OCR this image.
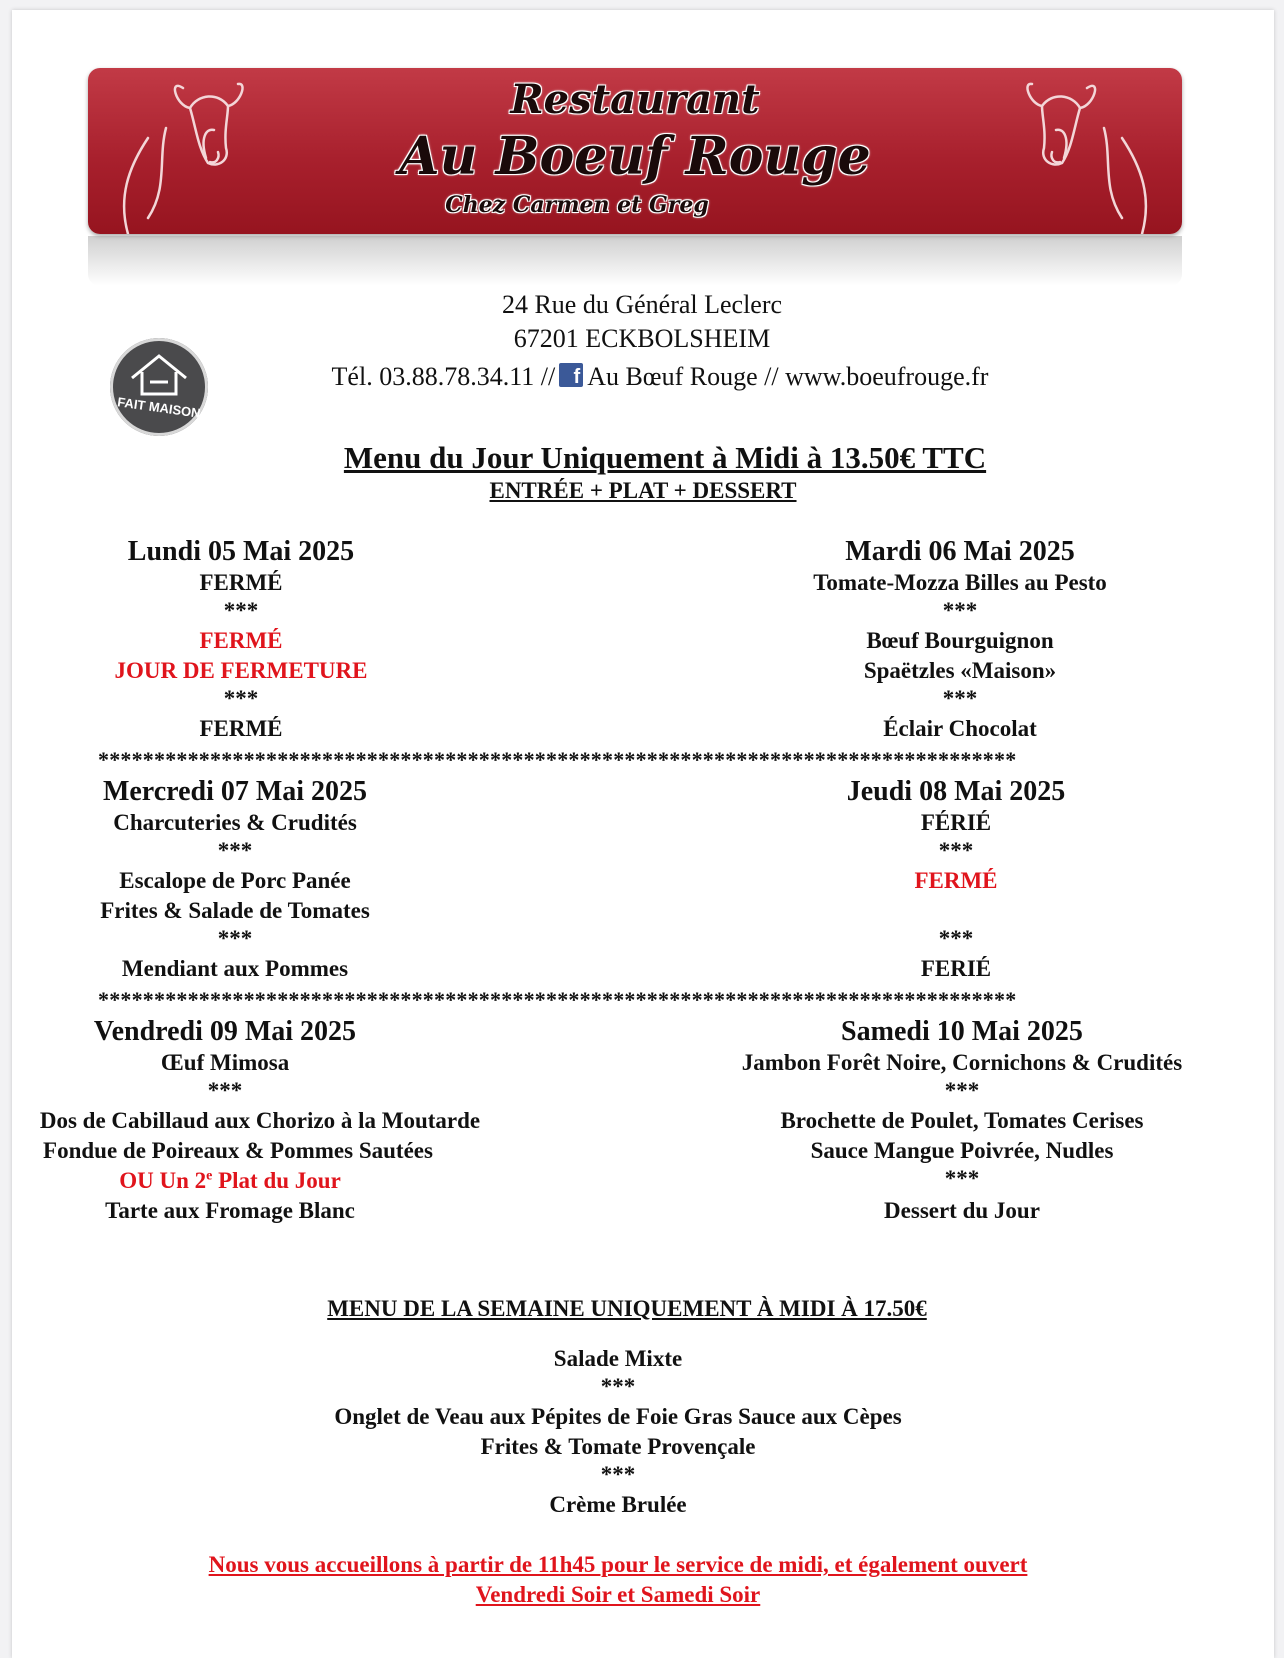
Restaurant
Au Boeuf Rouge
Chez Carmen et Greg
FAIT MAISON
24 Rue du Général Leclerc
67201 ECKBOLSHEIM
Tél. 03.88.78.34.11 // f Au Bœuf Rouge // www.boeufrouge.fr
Menu du Jour Uniquement à Midi à 13.50€ TTC
ENTRÉE + PLAT + DESSERT
Lundi 05 Mai 2025
FERMÉ
***
FERMÉ
JOUR DE FERMETURE
***
FERMÉ
Mardi 06 Mai 2025
Tomate-Mozza Billes au Pesto
***
Bœuf Bourguignon
Spaëtzles «Maison»
***
Éclair Chocolat
**********************************************************************************
Mercredi 07 Mai 2025
Charcuteries & Crudités
***
Escalope de Porc Panée
Frites & Salade de Tomates
***
Mendiant aux Pommes
Jeudi 08 Mai 2025
FÉRIÉ
***
FERMÉ
***
FERIÉ
**********************************************************************************
Vendredi 09 Mai 2025
Œuf Mimosa
***
Dos de Cabillaud aux Chorizo à la Moutarde
Fondue de Poireaux & Pommes Sautées
OU Un 2e Plat du Jour
Tarte aux Fromage Blanc
Samedi 10 Mai 2025
Jambon Forêt Noire, Cornichons & Crudités
***
Brochette de Poulet, Tomates Cerises
Sauce Mangue Poivrée, Nudles
***
Dessert du Jour
MENU DE LA SEMAINE UNIQUEMENT À MIDI À 17.50€
Salade Mixte
***
Onglet de Veau aux Pépites de Foie Gras Sauce aux Cèpes
Frites & Tomate Provençale
***
Crème Brulée
Nous vous accueillons à partir de 11h45 pour le service de midi, et également ouvert
Vendredi Soir et Samedi Soir
